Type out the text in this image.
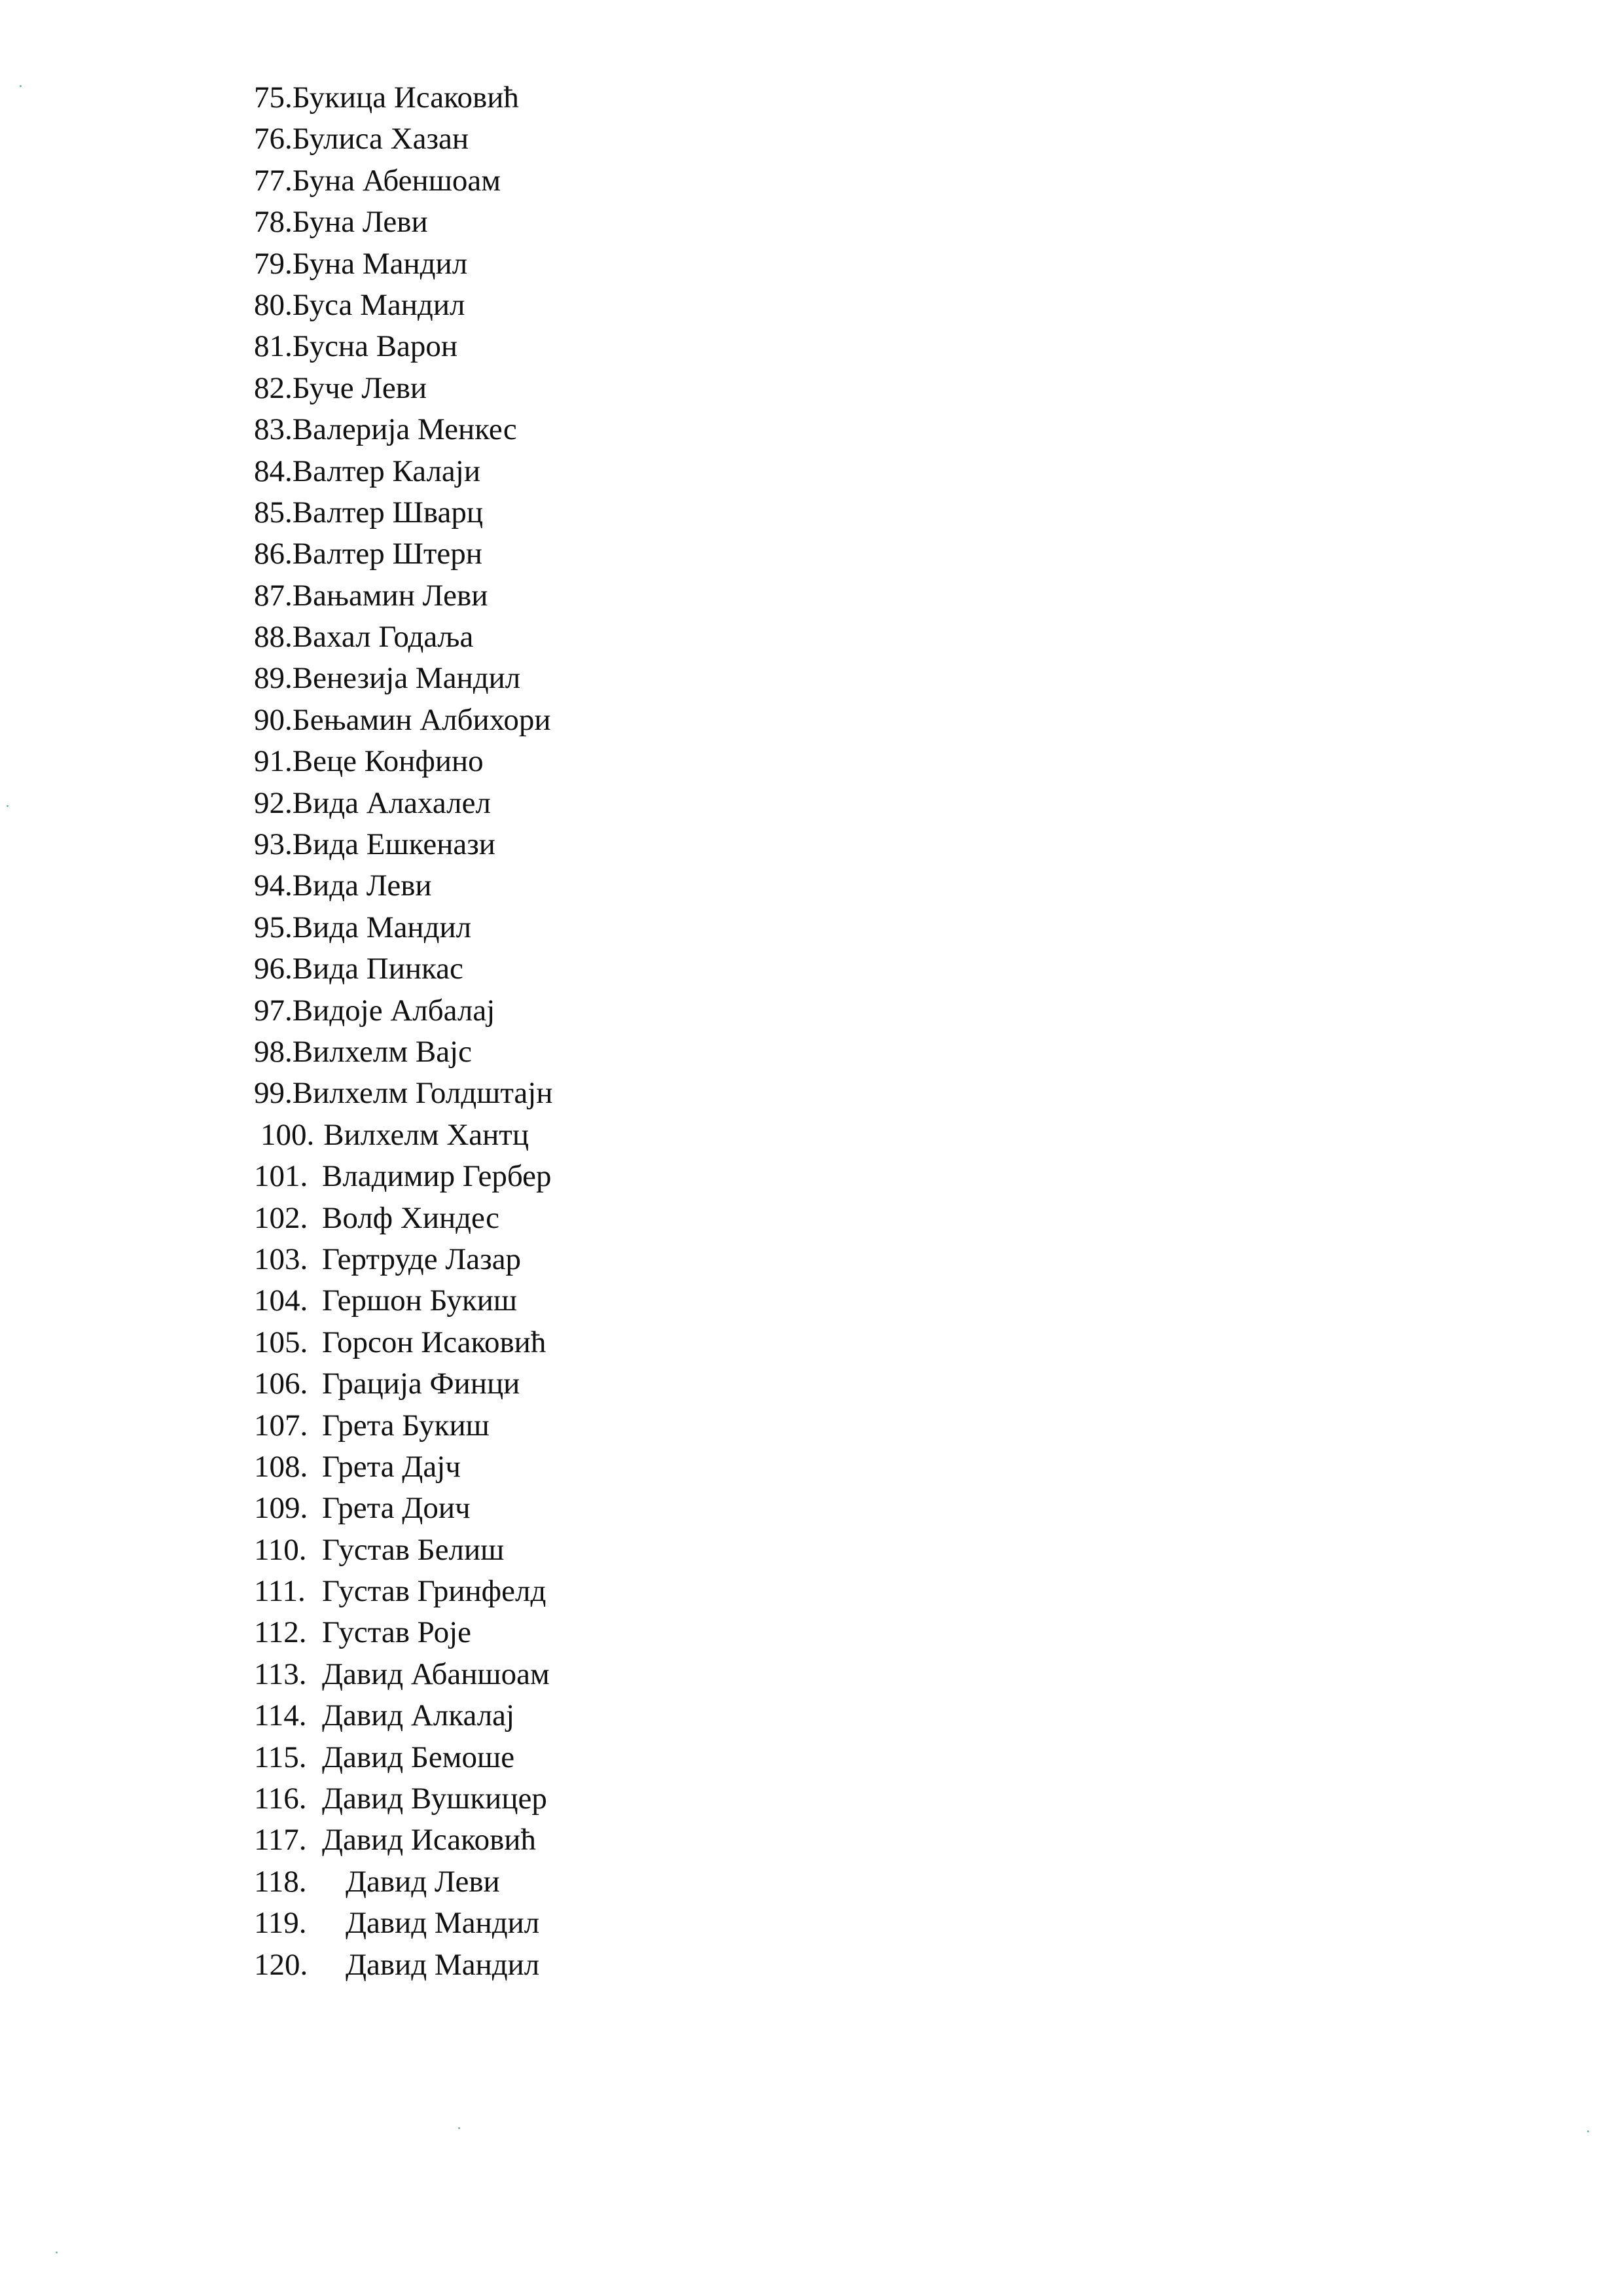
75. Букица Исаковић
76. Булиса Хазан
77. Буна Абеншоам
78. Буна Леви
79. Буна Мандил
80. Буса Мандил
81. Бусна Варон
82. Буче Леви
83. Валерија Менкес
84. Валтер Калаји
85. Валтер Шварц
86. Валтер Штерн
87. Вањамин Леви
88. Вахал Годаља
89. Венезија Мандил
90. Бењамин Албихори
91. Веце Конфино
92. Вида Алахалел
93. Вида Ешкенази
94. Вида Леви
95. Вида Мандил
96. Вида Пинкас
97. Видоје Албалај
98. Вилхелм Вајс
99. Вилхелм Голдштајн
100. Вилхелм Хантц
101. Владимир Гербер
102. Волф Хиндес
103. Гертруде Лазар
104. Гершон Букиш
105. Горсон Исаковић
106. Грација Финци
107. Грета Букиш
108. Грета Дајч
109. Грета Доич
110. Густав Белиш
111. Густав Гринфелд
112. Густав Роје
113. Давид Абаншоам
114. Давид Алкалај
115. Давид Бемоше
116. Давид Вушкицер
117. Давид Исаковић
118.	Давид Леви
119.	Давид Мандил
120.	Давид Мандил
